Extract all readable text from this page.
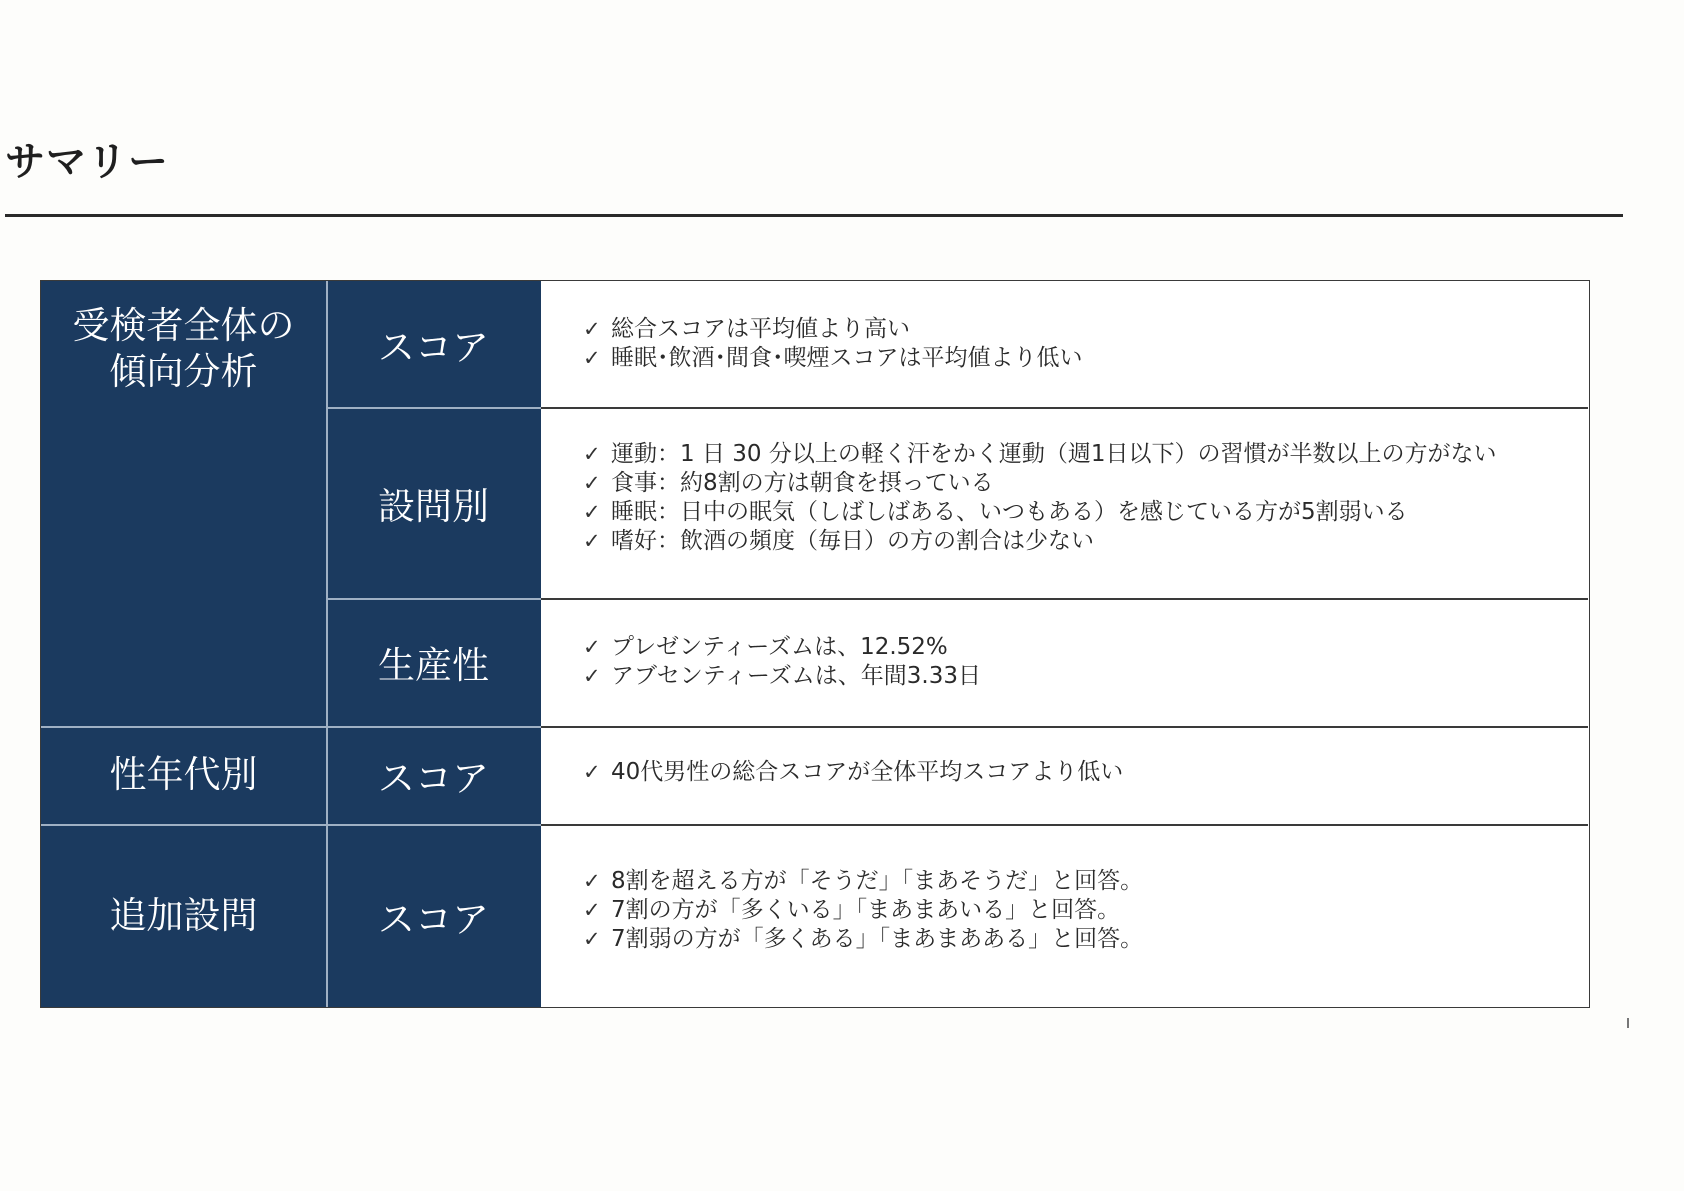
サマリー
受検者全体の
傾向分析
性年代別
追加設問
スコア
設問別
生産性
スコア
スコア
✓ 総合スコアは平均値より高い
✓ 睡眠･飲酒･間食･喫煙スコアは平均値より低い
✓ 運動：1 日 30 分以上の軽く汗をかく運動（週1日以下）の習慣が半数以上の方がない
✓ 食事：約8割の方は朝食を摂っている
✓ 睡眠：日中の眠気（しばしばある、いつもある）を感じている方が5割弱いる
✓ 嗜好：飲酒の頻度（毎日）の方の割合は少ない
✓ プレゼンティーズムは、12.52%
✓ アブセンティーズムは、年間3.33日
✓ 40代男性の総合スコアが全体平均スコアより低い
✓ 8割を超える方が「そうだ」「まあそうだ」と回答。
✓ 7割の方が「多くいる」「まあまあいる」と回答。
✓ 7割弱の方が「多くある」「まあまあある」と回答。
